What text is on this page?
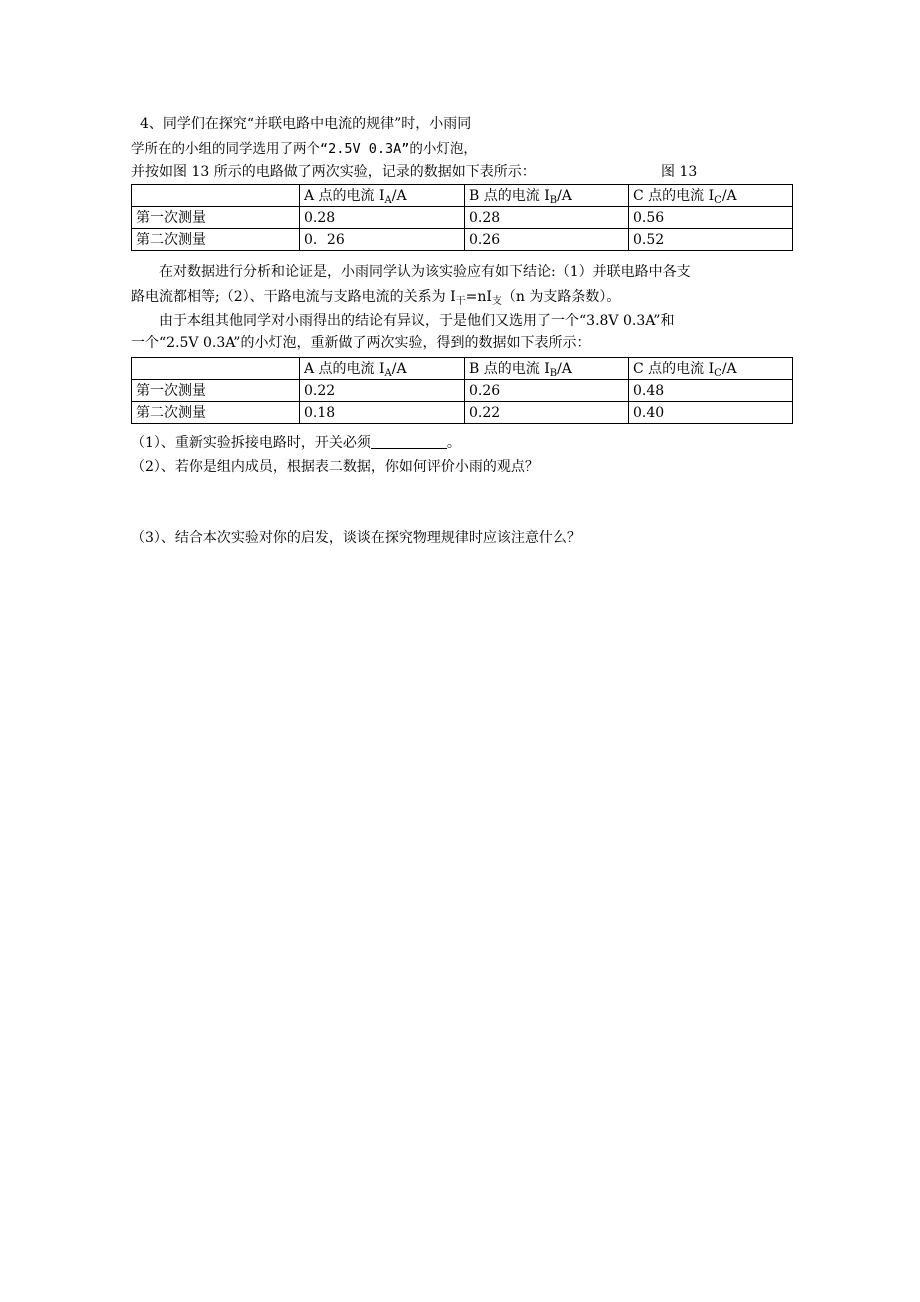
4、同学们在探究“并联电路中电流的规律”时，小雨同
学所在的小组的同学选用了两个“2.5V 0.3A”的小灯泡，
并按如图 13 所示的电路做了两次实验，记录的数据如下表所示：	图 13
	A 点的电流 $I_A/A$	B 点的电流 $I_B/A$	C 点的电流 $I_C/A$
第一次测量	0.28	0.28	0.56
第二次测量	0．26	0.26	0.52
在对数据进行分析和论证是，小雨同学认为该实验应有如下结论:（1）并联电路中各支
路电流都相等;（2）、干路电流与支路电流的关系为 $I_干=nI_支(n$ 为支路条数）。
由于本组其他同学对小雨得出的结论有异议，于是他们又选用了一个“3.8V 0.3A”和
一个“2.5V 0.3A”的小灯泡，重新做了两次实验，得到的数据如下表所示：
	A 点的电流 $I_A/A$	B 点的电流 $I_B/A$	C 点的电流 $I_C/A$
第一次测量	0.22	0.26	0.48
第二次测量	0.18	0.22	0.40
（1）、重新实验拆接电路时，开关必须	。
（2）、若你是组内成员，根据表二数据，你如何评价小雨的观点？
（3）、结合本次实验对你的启发，谈谈在探究物理规律时应该注意什么？
